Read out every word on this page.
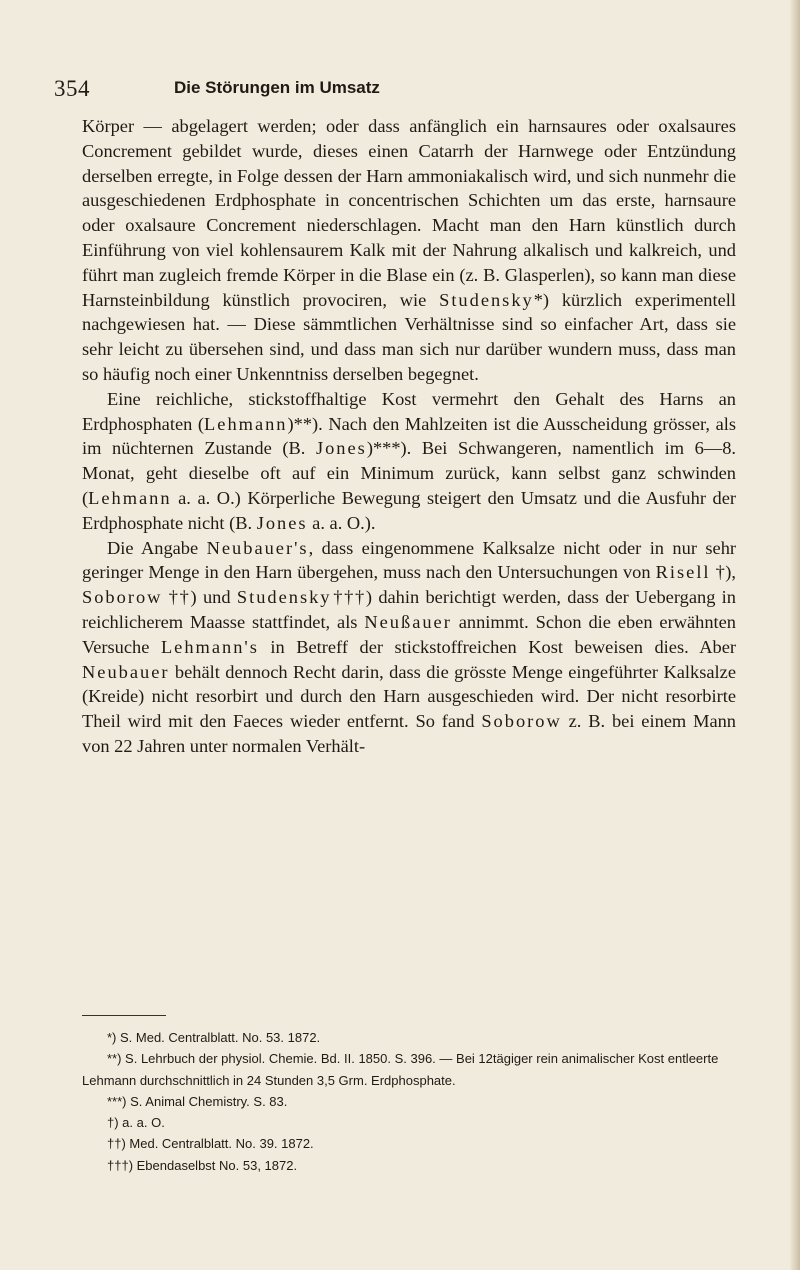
354	Die Störungen im Umsatz

Körper — abgelagert werden; oder dass anfänglich ein harnsaures oder oxalsaures Concrement gebildet wurde, dieses einen Catarrh der Harnwege oder Entzündung derselben erregte, in Folge dessen der Harn ammoniakalisch wird, und sich nunmehr die ausgeschiedenen Erdphosphate in concentrischen Schichten um das erste, harnsaure oder oxalsaure Concrement niederschlagen. Macht man den Harn künstlich durch Einführung von viel kohlensaurem Kalk mit der Nahrung alkalisch und kalkreich, und führt man zugleich fremde Körper in die Blase ein (z. B. Glasperlen), so kann man diese Harnsteinbildung künstlich provociren, wie Studensky*) kürzlich experimentell nachgewiesen hat. — Diese sämmtlichen Verhältnisse sind so einfacher Art, dass sie sehr leicht zu übersehen sind, und dass man sich nur darüber wundern muss, dass man so häufig noch einer Unkenntniss derselben begegnet.

Eine reichliche, stickstoffhaltige Kost vermehrt den Gehalt des Harns an Erdphosphaten (Lehmann)**). Nach den Mahlzeiten ist die Ausscheidung grösser, als im nüchternen Zustande (B. Jones)***). Bei Schwangeren, namentlich im 6—8. Monat, geht dieselbe oft auf ein Minimum zurück, kann selbst ganz schwinden (Lehmann a. a. O.) Körperliche Bewegung steigert den Umsatz und die Ausfuhr der Erdphosphate nicht (B. Jones a. a. O.).

Die Angabe Neubauer's, dass eingenommene Kalksalze nicht oder in nur sehr geringer Menge in den Harn übergehen, muss nach den Untersuchungen von Risell †), Soborow ††) und Studensky†††) dahin berichtigt werden, dass der Uebergang in reichlicherem Maasse stattfindet, als Neußauer annimmt. Schon die eben erwähnten Versuche Lehmann's in Betreff der stickstoffreichen Kost beweisen dies. Aber Neubauer behält dennoch Recht darin, dass die grösste Menge eingeführter Kalksalze (Kreide) nicht resorbirt und durch den Harn ausgeschieden wird. Der nicht resorbirte Theil wird mit den Faeces wieder entfernt. So fand Soborow z. B. bei einem Mann von 22 Jahren unter normalen Verhält-

*) S. Med. Centralblatt. No. 53. 1872.

**) S. Lehrbuch der physiol. Chemie. Bd. II. 1850. S. 396. — Bei 12tägiger rein animalischer Kost entleerte Lehmann durchschnittlich in 24 Stunden 3,5 Grm. Erdphosphate.

***) S. Animal Chemistry. S. 83.

†) a. a. O.

††) Med. Centralblatt. No. 39. 1872.

†††) Ebendaselbst No. 53, 1872.
